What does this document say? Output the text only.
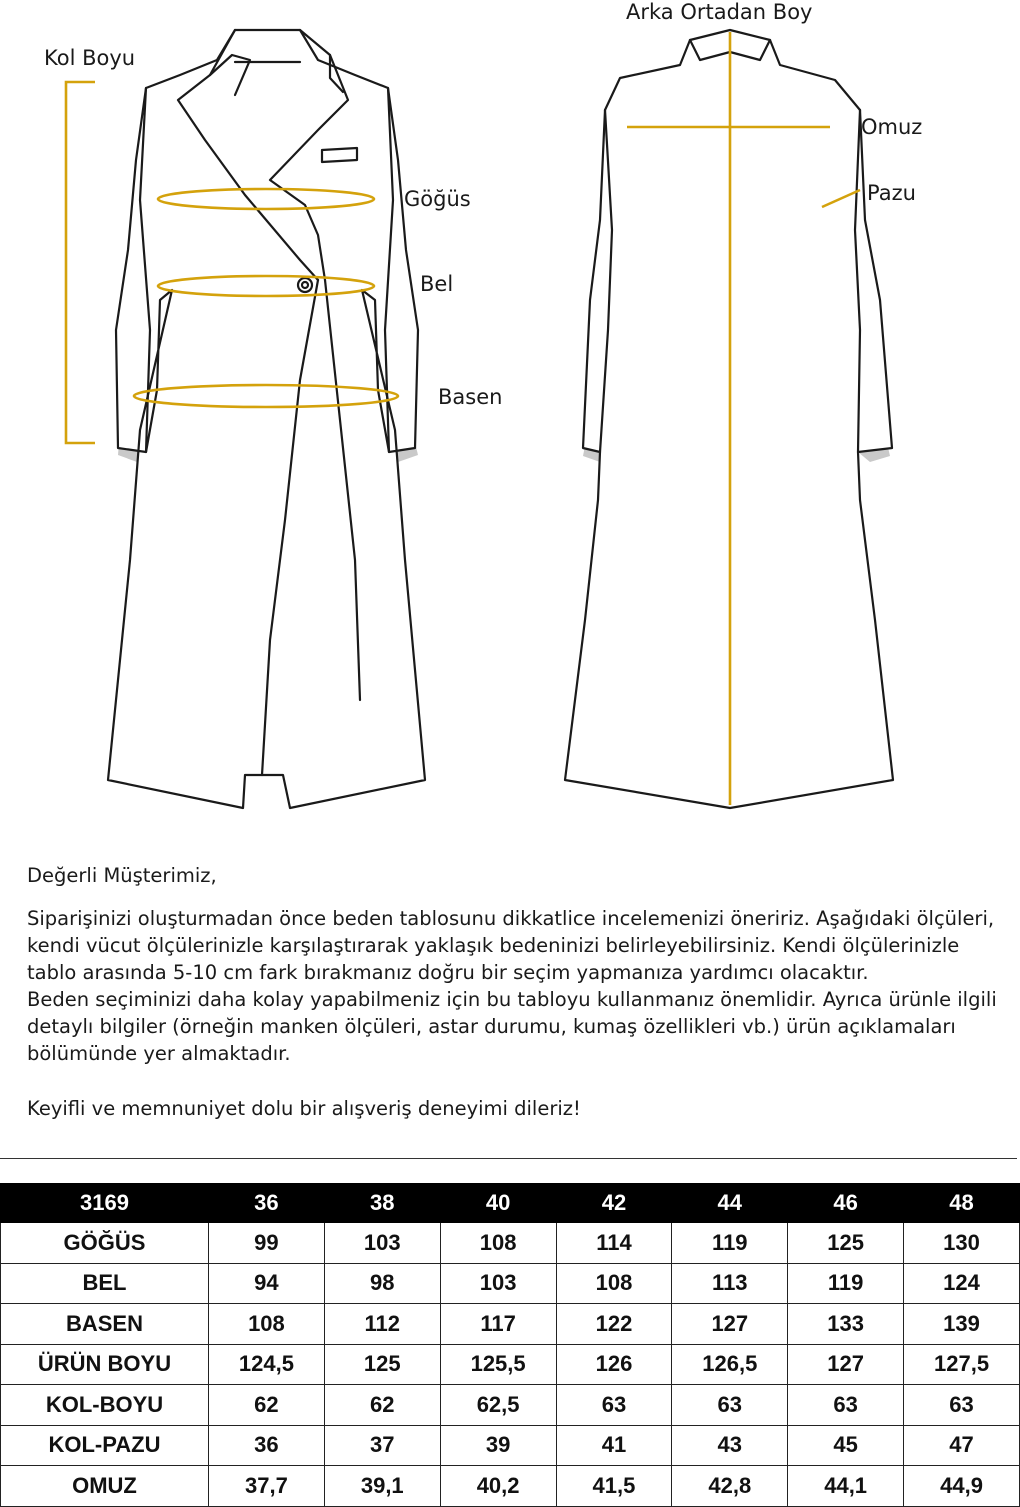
Kol Boyu
Göğüs
Bel
Basen
Arka Ortadan Boy
Omuz
Pazu

Değerli Müşterimiz,

Siparişinizi oluşturmadan önce beden tablosunu dikkatlice incelemenizi öneririz. Aşağıdaki ölçüleri, kendi vücut ölçülerinizle karşılaştırarak yaklaşık bedeninizi belirleyebilirsiniz. Kendi ölçülerinizle tablo arasında 5-10 cm fark bırakmanız doğru bir seçim yapmanıza yardımcı olacaktır.

Beden seçiminizi daha kolay yapabilmeniz için bu tabloyu kullanmanız önemlidir. Ayrıca ürünle ilgili detaylı bilgiler (örneğin manken ölçüleri, astar durumu, kumaş özellikleri vb.) ürün açıklamaları bölümünde yer almaktadır.

Keyifli ve memnuniyet dolu bir alışveriş deneyimi dileriz!

3169	36	38	40	42	44	46	48
GÖĞÜS	99	103	108	114	119	125	130
BEL	94	98	103	108	113	119	124
BASEN	108	112	117	122	127	133	139
ÜRÜN BOYU	124,5	125	125,5	126	126,5	127	127,5
KOL-BOYU	62	62	62,5	63	63	63	63
KOL-PAZU	36	37	39	41	43	45	47
OMUZ	37,7	39,1	40,2	41,5	42,8	44,1	44,9
